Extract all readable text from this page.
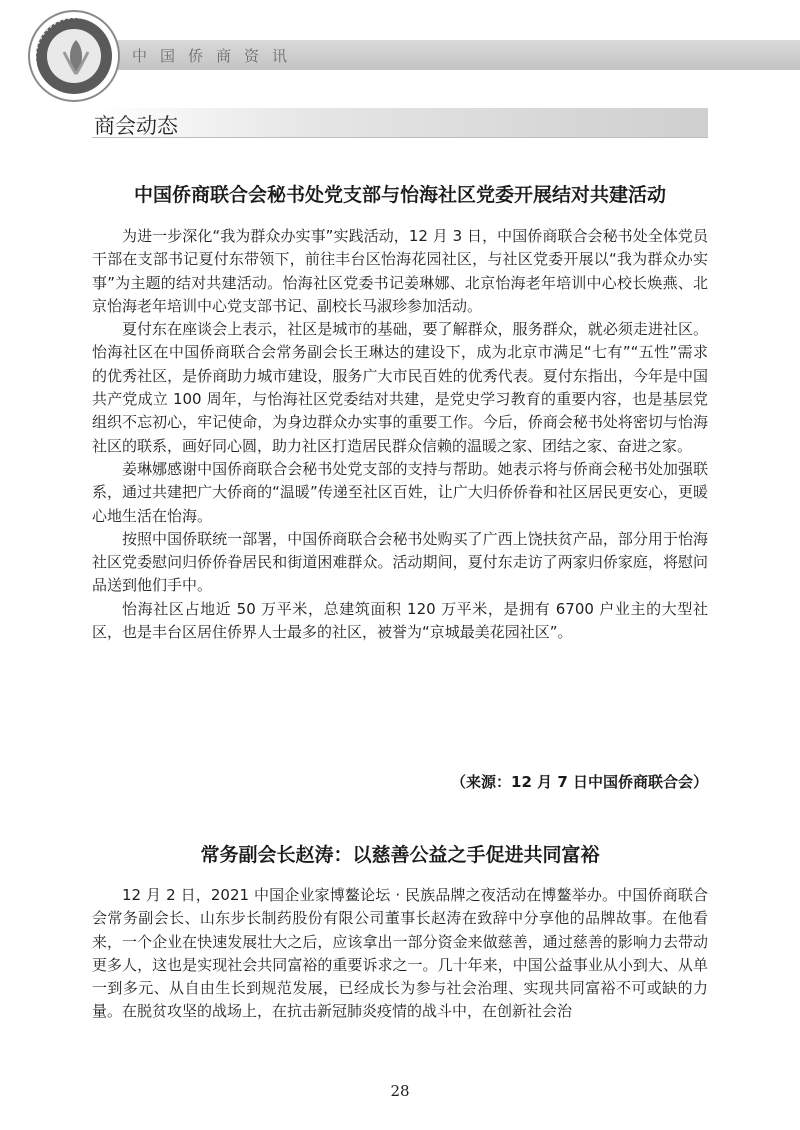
中国侨商资讯
商会动态
中国侨商联合会秘书处党支部与怡海社区党委开展结对共建活动

为进一步深化“我为群众办实事”实践活动，12 月 3 日，中国侨商联合会秘书处全体党员干部在支部书记夏付东带领下，前往丰台区怡海花园社区，与社区党委开展以“我为群众办实事”为主题的结对共建活动。怡海社区党委书记姜琳娜、北京怡海老年培训中心校长焕燕、北京怡海老年培训中心党支部书记、副校长马淑珍参加活动。

夏付东在座谈会上表示，社区是城市的基础，要了解群众，服务群众，就必须走进社区。怡海社区在中国侨商联合会常务副会长王琳达的建设下，成为北京市满足“七有”“五性”需求的优秀社区，是侨商助力城市建设，服务广大市民百姓的优秀代表。夏付东指出，今年是中国共产党成立 100 周年，与怡海社区党委结对共建，是党史学习教育的重要内容，也是基层党组织不忘初心，牢记使命，为身边群众办实事的重要工作。今后，侨商会秘书处将密切与怡海社区的联系，画好同心圆，助力社区打造居民群众信赖的温暖之家、团结之家、奋进之家。

姜琳娜感谢中国侨商联合会秘书处党支部的支持与帮助。她表示将与侨商会秘书处加强联系，通过共建把广大侨商的“温暖”传递至社区百姓，让广大归侨侨眷和社区居民更安心，更暖心地生活在怡海。

按照中国侨联统一部署，中国侨商联合会秘书处购买了广西上饶扶贫产品，部分用于怡海社区党委慰问归侨侨眷居民和街道困难群众。活动期间，夏付东走访了两家归侨家庭，将慰问品送到他们手中。

怡海社区占地近 50 万平米，总建筑面积 120 万平米，是拥有 6700 户业主的大型社区，也是丰台区居住侨界人士最多的社区，被誉为“京城最美花园社区”。

（来源：12 月 7 日中国侨商联合会）
常务副会长赵涛：以慈善公益之手促进共同富裕

12 月 2 日，2021 中国企业家博鳌论坛 · 民族品牌之夜活动在博鳌举办。中国侨商联合会常务副会长、山东步长制药股份有限公司董事长赵涛在致辞中分享他的品牌故事。在他看来，一个企业在快速发展壮大之后，应该拿出一部分资金来做慈善，通过慈善的影响力去带动更多人，这也是实现社会共同富裕的重要诉求之一。几十年来，中国公益事业从小到大、从单一到多元、从自由生长到规范发展，已经成长为参与社会治理、实现共同富裕不可或缺的力量。在脱贫攻坚的战场上，在抗击新冠肺炎疫情的战斗中，在创新社会治

28
